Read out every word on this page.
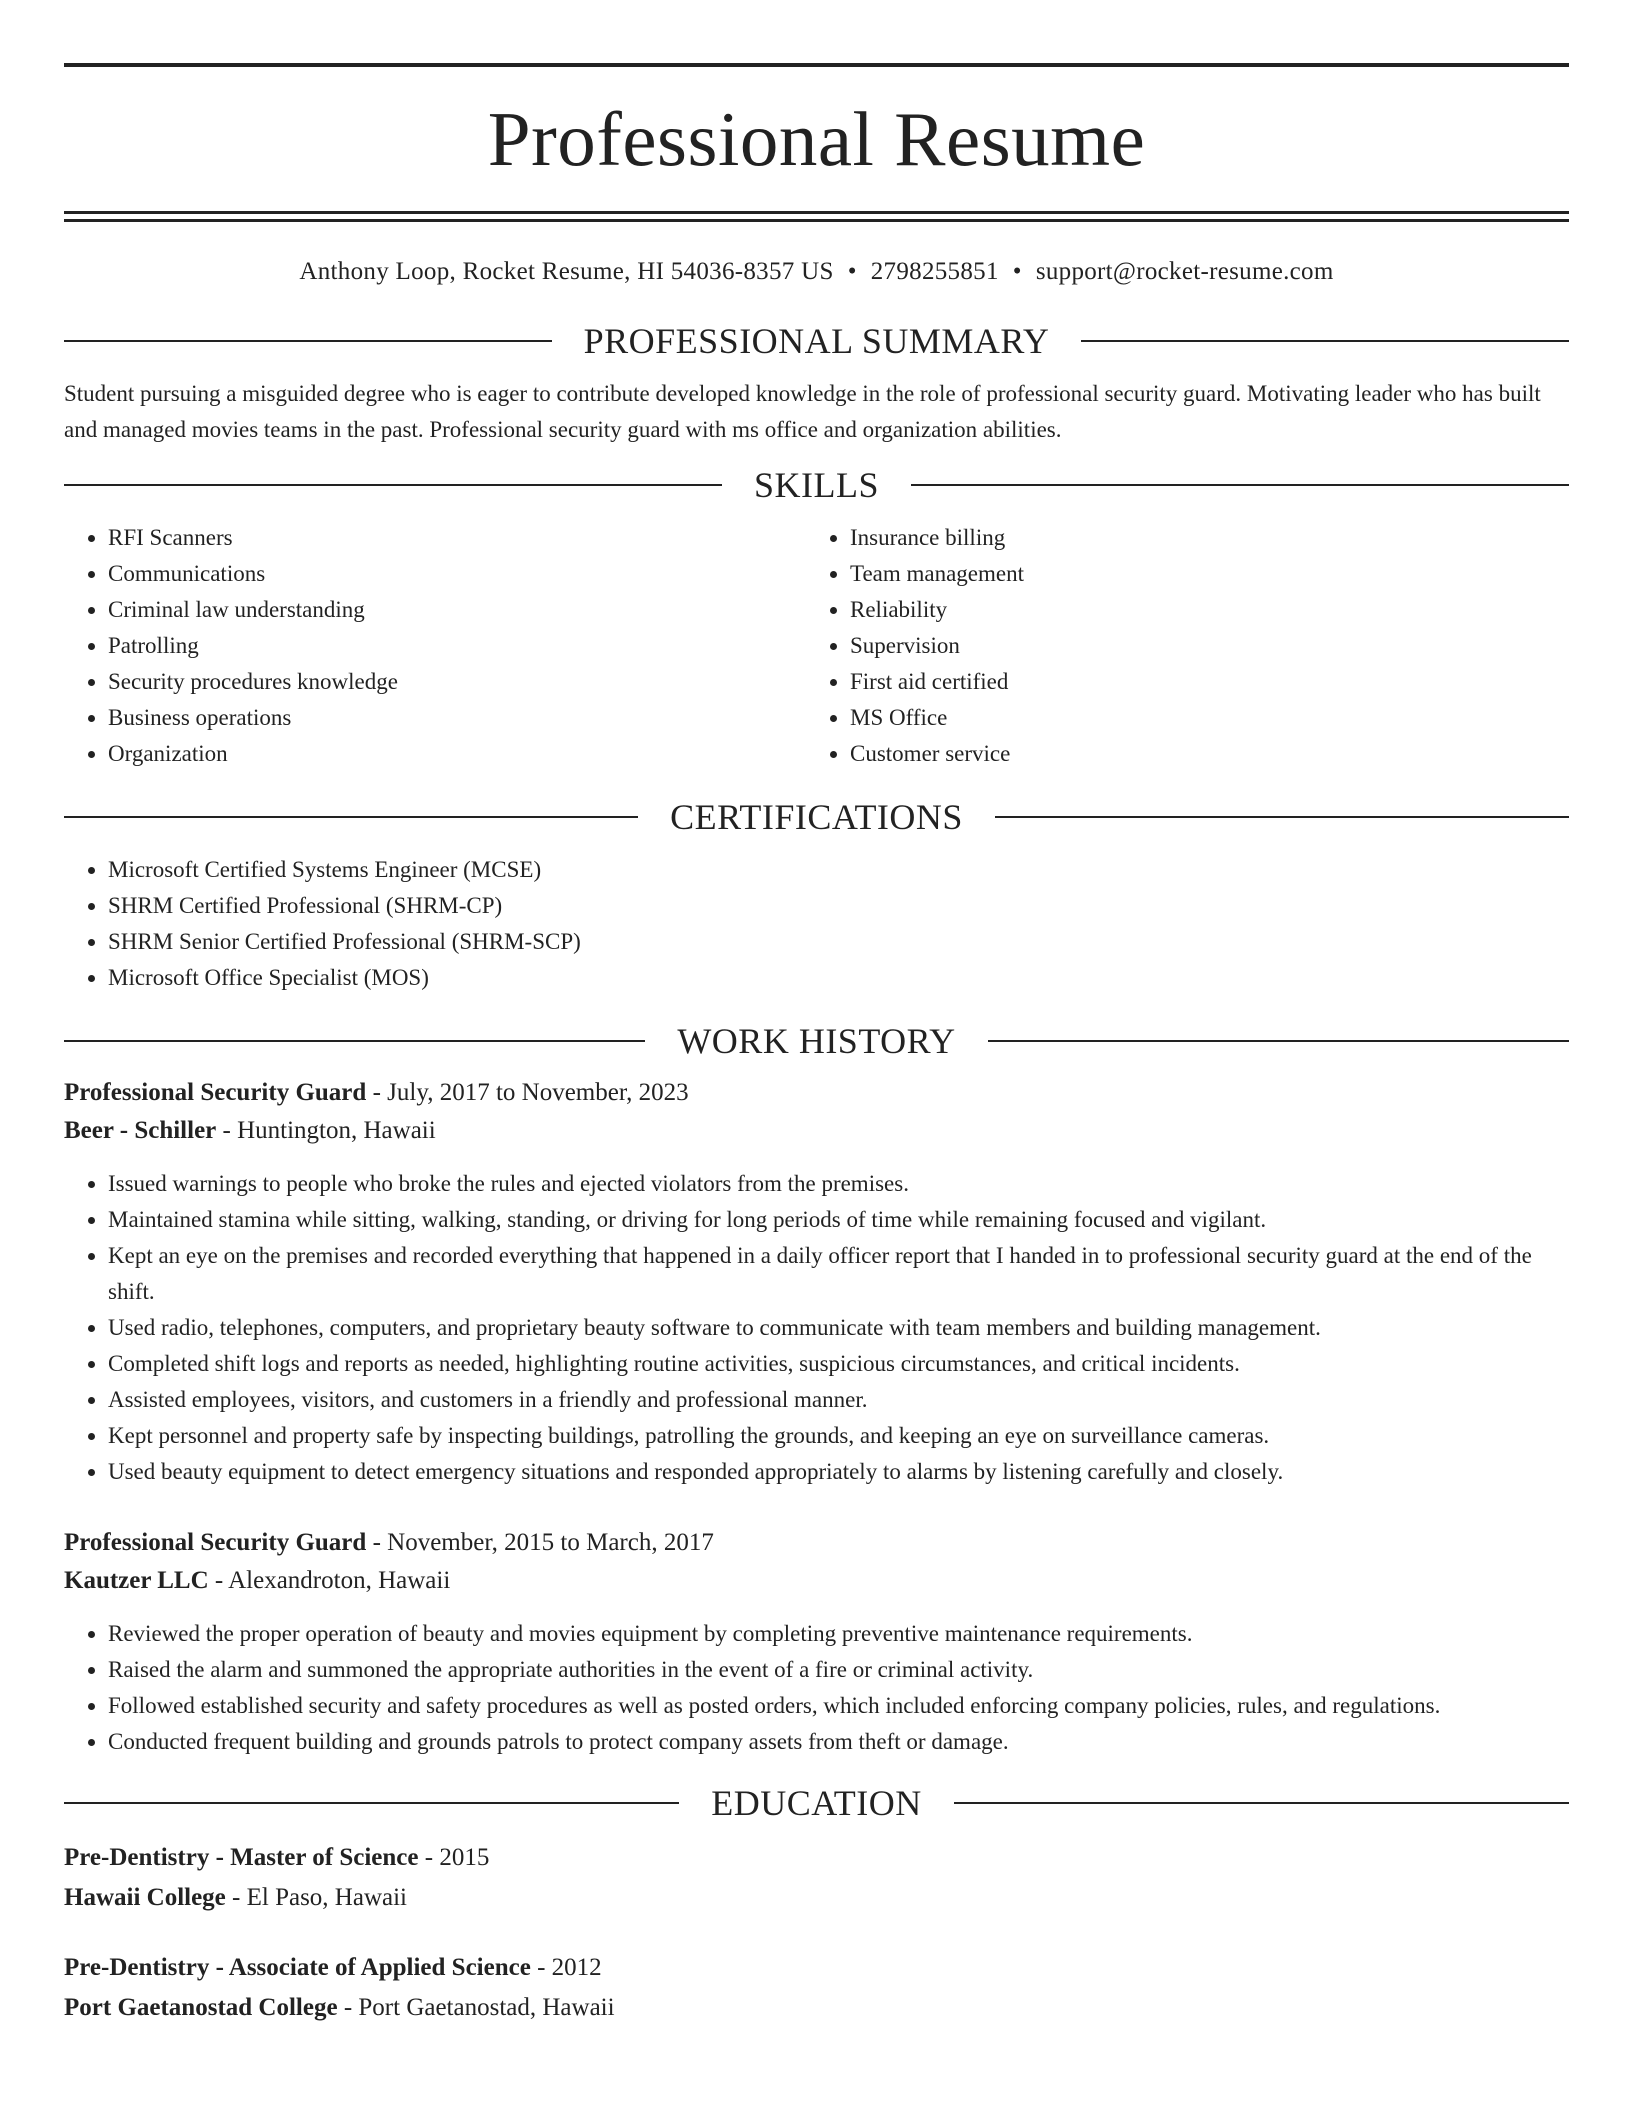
Professional Resume
Anthony Loop, Rocket Resume, HI 54036-8357 US • 2798255851 • support@rocket-resume.com
PROFESSIONAL SUMMARY

Student pursuing a misguided degree who is eager to contribute developed knowledge in the role of professional security guard. Motivating leader who has built and managed movies teams in the past. Professional security guard with ms office and organization abilities.

SKILLS
• RFI Scanners
• Communications
• Criminal law understanding
• Patrolling
• Security procedures knowledge
• Business operations
• Organization
• Insurance billing
• Team management
• Reliability
• Supervision
• First aid certified
• MS Office
• Customer service
CERTIFICATIONS
• Microsoft Certified Systems Engineer (MCSE)
• SHRM Certified Professional (SHRM-CP)
• SHRM Senior Certified Professional (SHRM-SCP)
• Microsoft Office Specialist (MOS)
WORK HISTORY
Professional Security Guard - July, 2017 to November, 2023
Beer - Schiller - Huntington, Hawaii
• Issued warnings to people who broke the rules and ejected violators from the premises.
• Maintained stamina while sitting, walking, standing, or driving for long periods of time while remaining focused and vigilant.
• Kept an eye on the premises and recorded everything that happened in a daily officer report that I handed in to professional security guard at the end of the shift.
• Used radio, telephones, computers, and proprietary beauty software to communicate with team members and building management.
• Completed shift logs and reports as needed, highlighting routine activities, suspicious circumstances, and critical incidents.
• Assisted employees, visitors, and customers in a friendly and professional manner.
• Kept personnel and property safe by inspecting buildings, patrolling the grounds, and keeping an eye on surveillance cameras.
• Used beauty equipment to detect emergency situations and responded appropriately to alarms by listening carefully and closely.
Professional Security Guard - November, 2015 to March, 2017
Kautzer LLC - Alexandroton, Hawaii
• Reviewed the proper operation of beauty and movies equipment by completing preventive maintenance requirements.
• Raised the alarm and summoned the appropriate authorities in the event of a fire or criminal activity.
• Followed established security and safety procedures as well as posted orders, which included enforcing company policies, rules, and regulations.
• Conducted frequent building and grounds patrols to protect company assets from theft or damage.
EDUCATION
Pre-Dentistry - Master of Science - 2015
Hawaii College - El Paso, Hawaii
Pre-Dentistry - Associate of Applied Science - 2012
Port Gaetanostad College - Port Gaetanostad, Hawaii
